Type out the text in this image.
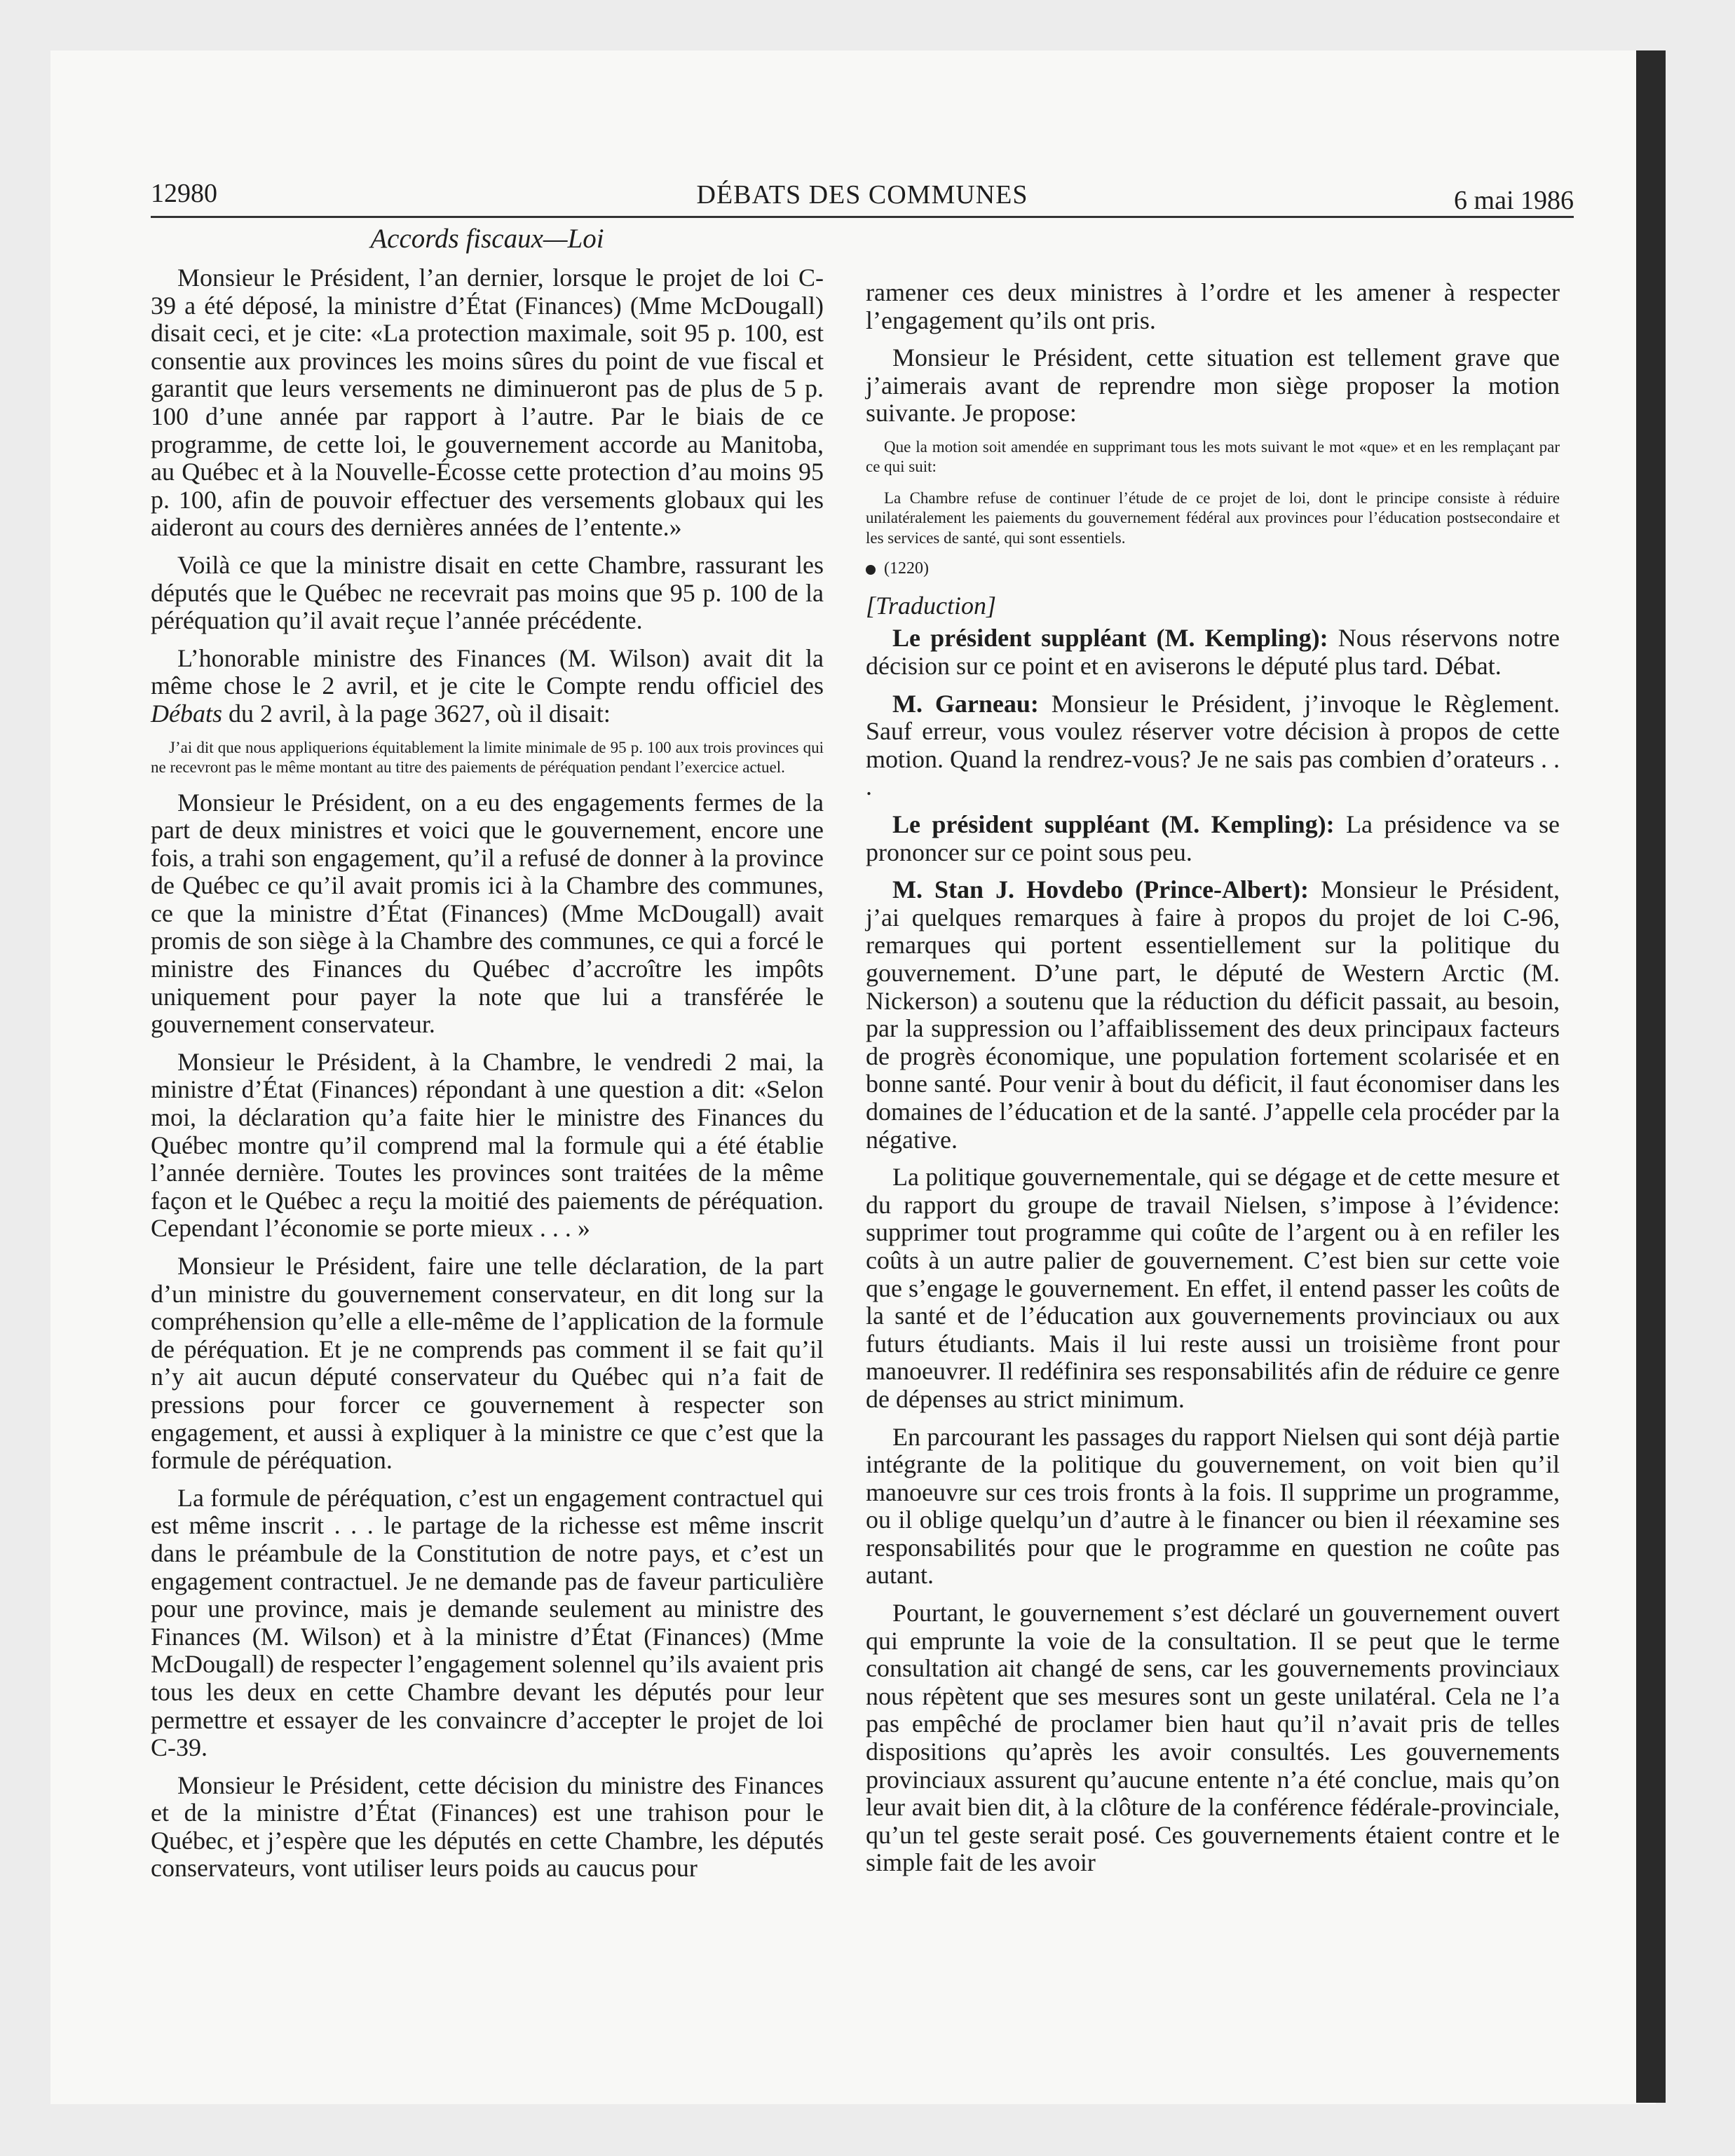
12980	DÉBATS DES COMMUNES	6 mai 1986
Accords fiscaux—Loi

Monsieur le Président, l’an dernier, lorsque le projet de loi C-39 a été déposé, la ministre d’État (Finances) (Mme McDougall) disait ceci, et je cite: «La protection maximale, soit 95 p. 100, est consentie aux provinces les moins sûres du point de vue fiscal et garantit que leurs versements ne diminueront pas de plus de 5 p. 100 d’une année par rapport à l’autre. Par le biais de ce programme, de cette loi, le gouvernement accorde au Manitoba, au Québec et à la Nouvelle-Écosse cette protection d’au moins 95 p. 100, afin de pouvoir effectuer des versements globaux qui les aideront au cours des dernières années de l’entente.»

Voilà ce que la ministre disait en cette Chambre, rassurant les députés que le Québec ne recevrait pas moins que 95 p. 100 de la péréquation qu’il avait reçue l’année précédente.

L’honorable ministre des Finances (M. Wilson) avait dit la même chose le 2 avril, et je cite le Compte rendu officiel des Débats du 2 avril, à la page 3627, où il disait:

J’ai dit que nous appliquerions équitablement la limite minimale de 95 p. 100 aux trois provinces qui ne recevront pas le même montant au titre des paiements de péréquation pendant l’exercice actuel.

Monsieur le Président, on a eu des engagements fermes de la part de deux ministres et voici que le gouvernement, encore une fois, a trahi son engagement, qu’il a refusé de donner à la province de Québec ce qu’il avait promis ici à la Chambre des communes, ce que la ministre d’État (Finances) (Mme McDougall) avait promis de son siège à la Chambre des communes, ce qui a forcé le ministre des Finances du Québec d’accroître les impôts uniquement pour payer la note que lui a transférée le gouvernement conservateur.

Monsieur le Président, à la Chambre, le vendredi 2 mai, la ministre d’État (Finances) répondant à une question a dit: «Selon moi, la déclaration qu’a faite hier le ministre des Finances du Québec montre qu’il comprend mal la formule qui a été établie l’année dernière. Toutes les provinces sont traitées de la même façon et le Québec a reçu la moitié des paiements de péréquation. Cependant l’économie se porte mieux . . . »

Monsieur le Président, faire une telle déclaration, de la part d’un ministre du gouvernement conservateur, en dit long sur la compréhension qu’elle a elle-même de l’application de la formule de péréquation. Et je ne comprends pas comment il se fait qu’il n’y ait aucun député conservateur du Québec qui n’a fait de pressions pour forcer ce gouvernement à respecter son engagement, et aussi à expliquer à la ministre ce que c’est que la formule de péréquation.

La formule de péréquation, c’est un engagement contractuel qui est même inscrit . . . le partage de la richesse est même inscrit dans le préambule de la Constitution de notre pays, et c’est un engagement contractuel. Je ne demande pas de faveur particulière pour une province, mais je demande seulement au ministre des Finances (M. Wilson) et à la ministre d’État (Finances) (Mme McDougall) de respecter l’engagement solennel qu’ils avaient pris tous les deux en cette Chambre devant les députés pour leur permettre et essayer de les convaincre d’accepter le projet de loi C-39.

Monsieur le Président, cette décision du ministre des Finances et de la ministre d’État (Finances) est une trahison pour le Québec, et j’espère que les députés en cette Chambre, les députés conservateurs, vont utiliser leurs poids au caucus pour

ramener ces deux ministres à l’ordre et les amener à respecter l’engagement qu’ils ont pris.

Monsieur le Président, cette situation est tellement grave que j’aimerais avant de reprendre mon siège proposer la motion suivante. Je propose:

Que la motion soit amendée en supprimant tous les mots suivant le mot «que» et en les remplaçant par ce qui suit:

La Chambre refuse de continuer l’étude de ce projet de loi, dont le principe consiste à réduire unilatéralement les paiements du gouvernement fédéral aux provinces pour l’éducation postsecondaire et les services de santé, qui sont essentiels.

(1220)
[Traduction]

Le président suppléant (M. Kempling): Nous réservons notre décision sur ce point et en aviserons le député plus tard. Débat.

M. Garneau: Monsieur le Président, j’invoque le Règlement. Sauf erreur, vous voulez réserver votre décision à propos de cette motion. Quand la rendrez-vous? Je ne sais pas combien d’orateurs . . .

Le président suppléant (M. Kempling): La présidence va se prononcer sur ce point sous peu.

M. Stan J. Hovdebo (Prince-Albert): Monsieur le Président, j’ai quelques remarques à faire à propos du projet de loi C-96, remarques qui portent essentiellement sur la politique du gouvernement. D’une part, le député de Western Arctic (M. Nickerson) a soutenu que la réduction du déficit passait, au besoin, par la suppression ou l’affaiblissement des deux principaux facteurs de progrès économique, une population fortement scolarisée et en bonne santé. Pour venir à bout du déficit, il faut économiser dans les domaines de l’éducation et de la santé. J’appelle cela procéder par la négative.

La politique gouvernementale, qui se dégage et de cette mesure et du rapport du groupe de travail Nielsen, s’impose à l’évidence: supprimer tout programme qui coûte de l’argent ou à en refiler les coûts à un autre palier de gouvernement. C’est bien sur cette voie que s’engage le gouvernement. En effet, il entend passer les coûts de la santé et de l’éducation aux gouvernements provinciaux ou aux futurs étudiants. Mais il lui reste aussi un troisième front pour manoeuvrer. Il redéfinira ses responsabilités afin de réduire ce genre de dépenses au strict minimum.

En parcourant les passages du rapport Nielsen qui sont déjà partie intégrante de la politique du gouvernement, on voit bien qu’il manoeuvre sur ces trois fronts à la fois. Il supprime un programme, ou il oblige quelqu’un d’autre à le financer ou bien il réexamine ses responsabilités pour que le programme en question ne coûte pas autant.

Pourtant, le gouvernement s’est déclaré un gouvernement ouvert qui emprunte la voie de la consultation. Il se peut que le terme consultation ait changé de sens, car les gouvernements provinciaux nous répètent que ses mesures sont un geste unilatéral. Cela ne l’a pas empêché de proclamer bien haut qu’il n’avait pris de telles dispositions qu’après les avoir consultés. Les gouvernements provinciaux assurent qu’aucune entente n’a été conclue, mais qu’on leur avait bien dit, à la clôture de la conférence fédérale-provinciale, qu’un tel geste serait posé. Ces gouvernements étaient contre et le simple fait de les avoir
